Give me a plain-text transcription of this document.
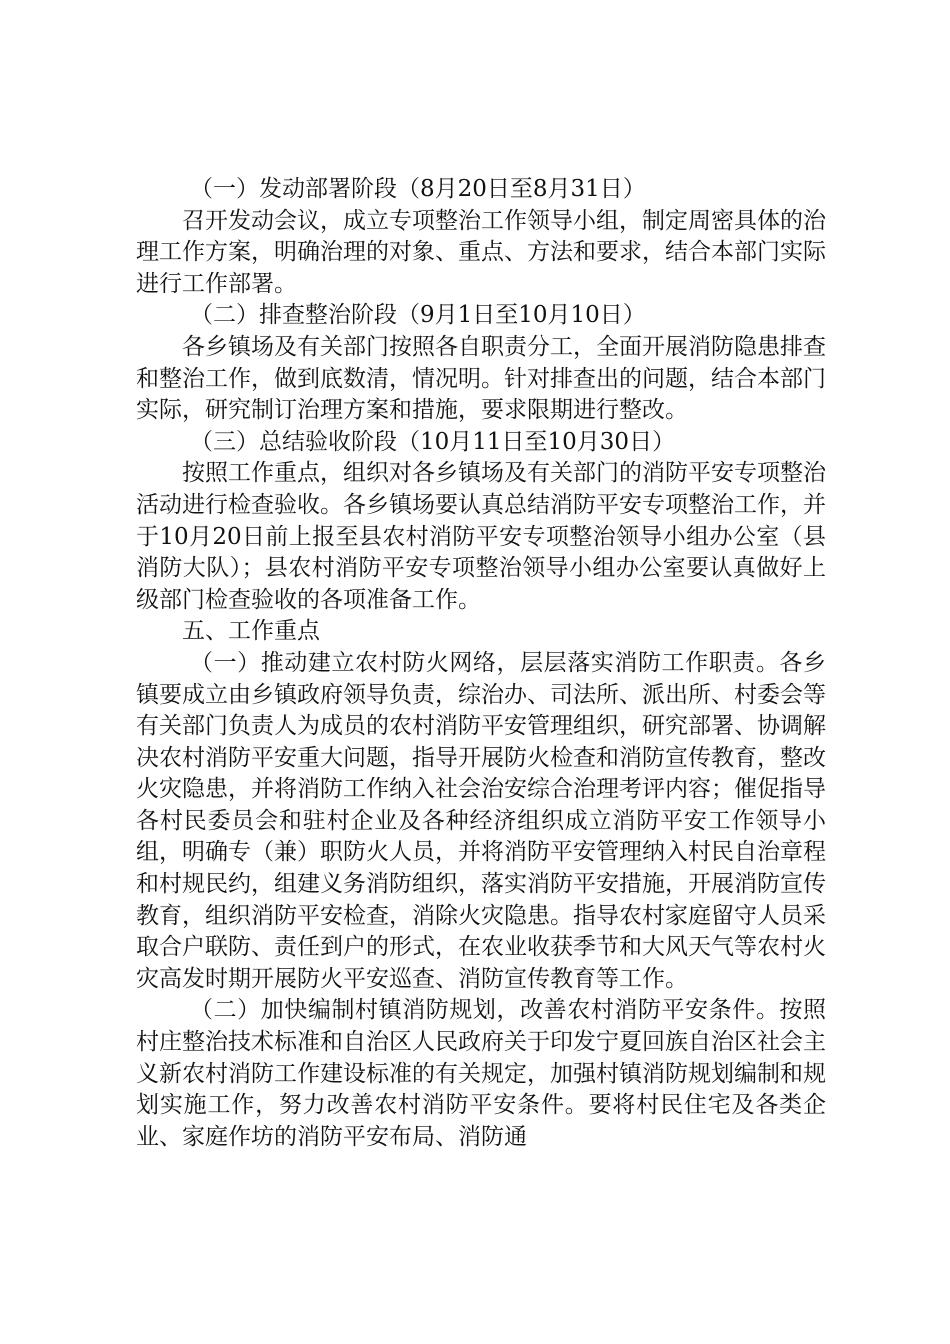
（一）发动部署阶段（8月20日至8月31日）

召开发动会议，成立专项整治工作领导小组，制定周密具体的治理工作方案，明确治理的对象、重点、方法和要求，结合本部门实际进行工作部署。

（二）排查整治阶段（9月1日至10月10日）

各乡镇场及有关部门按照各自职责分工，全面开展消防隐患排查和整治工作，做到底数清，情况明。针对排查出的问题，结合本部门实际，研究制订治理方案和措施，要求限期进行整改。

（三）总结验收阶段（10月11日至10月30日）

按照工作重点，组织对各乡镇场及有关部门的消防平安专项整治活动进行检查验收。各乡镇场要认真总结消防平安专项整治工作，并于10月20日前上报至县农村消防平安专项整治领导小组办公室（县消防大队）；县农村消防平安专项整治领导小组办公室要认真做好上级部门检查验收的各项准备工作。

五、工作重点

（一）推动建立农村防火网络，层层落实消防工作职责。各乡镇要成立由乡镇政府领导负责，综治办、司法所、派出所、村委会等有关部门负责人为成员的农村消防平安管理组织，研究部署、协调解决农村消防平安重大问题，指导开展防火检查和消防宣传教育，整改火灾隐患，并将消防工作纳入社会治安综合治理考评内容；催促指导各村民委员会和驻村企业及各种经济组织成立消防平安工作领导小组，明确专（兼）职防火人员，并将消防平安管理纳入村民自治章程和村规民约，组建义务消防组织，落实消防平安措施，开展消防宣传教育，组织消防平安检查，消除火灾隐患。指导农村家庭留守人员采取合户联防、责任到户的形式，在农业收获季节和大风天气等农村火灾高发时期开展防火平安巡查、消防宣传教育等工作。

（二）加快编制村镇消防规划，改善农村消防平安条件。按照村庄整治技术标准和自治区人民政府关于印发宁夏回族自治区社会主义新农村消防工作建设标准的有关规定，加强村镇消防规划编制和规划实施工作，努力改善农村消防平安条件。要将村民住宅及各类企业、家庭作坊的消防平安布局、消防通
